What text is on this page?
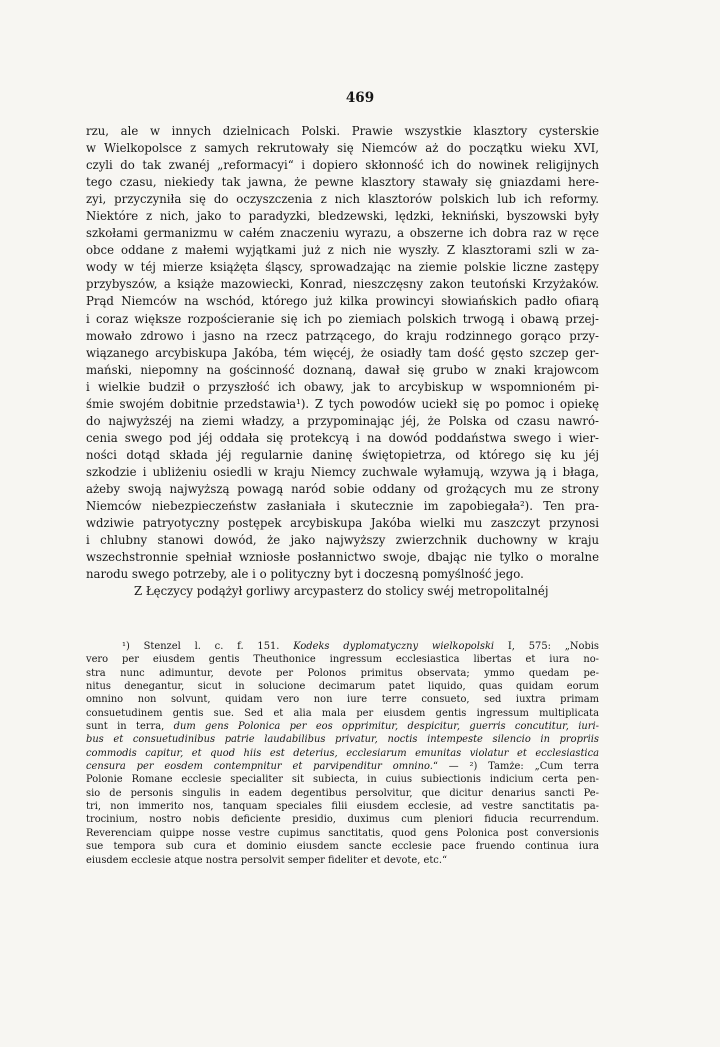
469

rzu, ale w innych dzielnicach Polski. Prawie wszystkie klasztory cysterskie
w Wielkopolsce z samych rekrutowały się Niemców aż do początku wieku XVI,
czyli do tak zwanéj „reformacyi“ i dopiero skłonność ich do nowinek religijnych
tego czasu, niekiedy tak jawna, że pewne klasztory stawały się gniazdami here-
zyi, przyczyniła się do oczyszczenia z nich klasztorów polskich lub ich reformy.
Niektóre z nich, jako to paradyzki, bledzewski, lędzki, łekniński, byszowski były
szkołami germanizmu w całém znaczeniu wyrazu, a obszerne ich dobra raz w ręce
obce oddane z małemi wyjątkami już z nich nie wyszły. Z klasztorami szli w za-
wody w téj mierze książęta śląscy, sprowadzając na ziemie polskie liczne zastępy
przybyszów, a książe mazowiecki, Konrad, nieszczęsny zakon teutoński Krzyżaków.
Prąd Niemców na wschód, którego już kilka prowincyi słowiańskich padło ofiarą
i coraz większe rozpościeranie się ich po ziemiach polskich trwogą i obawą przej-
mowało zdrowo i jasno na rzecz patrzącego, do kraju rodzinnego gorąco przy-
wiązanego arcybiskupa Jakóba, tém więcéj, że osiadły tam dość gęsto szczep ger-
mański, niepomny na gościnność doznaną, dawał się grubo w znaki krajowcom
i wielkie budził o przyszłość ich obawy, jak to arcybiskup w wspomnioném pi-
śmie swojém dobitnie przedstawia¹). Z tych powodów uciekł się po pomoc i opiekę
do najwyższéj na ziemi władzy, a przypominając jéj, że Polska od czasu nawró-
cenia swego pod jéj oddała się protekcyą i na dowód poddaństwa swego i wier-
ności dotąd składa jéj regularnie daninę świętopietrza, od którego się ku jéj
szkodzie i ubliżeniu osiedli w kraju Niemcy zuchwale wyłamują, wzywa ją i błaga,
ażeby swoją najwyższą powagą naród sobie oddany od grożących mu ze strony
Niemców niebezpieczeństw zasłaniała i skutecznie im zapobiegała²). Ten pra-
wdziwie patryotyczny postępek arcybiskupa Jakóba wielki mu zaszczyt przynosi
i chlubny stanowi dowód, że jako najwyższy zwierzchnik duchowny w kraju
wszechstronnie spełniał wzniosłe posłannictwo swoje, dbając nie tylko o moralne
narodu swego potrzeby, ale i o polityczny byt i doczesną pomyślność jego.
Z Łęczycy podążył gorliwy arcypasterz do stolicy swéj metropolitalnéj

¹) Stenzel l. c. f. 151. Kodeks dyplomatyczny wielkopolski I, 575: „Nobis
vero per eiusdem gentis Theuthonice ingressum ecclesiastica libertas et iura no-
stra nunc adimuntur, devote per Polonos primitus observata; ymmo quedam pe-
nitus denegantur, sicut in solucione decimarum patet liquido, quas quidam eorum
omnino non solvunt, quidam vero non iure terre consueto, sed iuxtra primam
consuetudinem gentis sue. Sed et alia mala per eiusdem gentis ingressum multiplicata
sunt in terra, dum gens Polonica per eos opprimitur, despicitur, guerris concutitur, iuri-
bus et consuetudinibus patrie laudabilibus privatur, noctis intempeste silencio in propriis
commodis capitur, et quod hiis est deterius, ecclesiarum emunitas violatur et ecclesiastica
censura per eosdem contempnitur et parvipenditur omnino.“ — ²) Tamże: „Cum terra
Polonie Romane ecclesie specialiter sit subiecta, in cuius subiectionis indicium certa pen-
sio de personis singulis in eadem degentibus persolvitur, que dicitur denarius sancti Pe-
tri, non immerito nos, tanquam speciales filii eiusdem ecclesie, ad vestre sanctitatis pa-
trocinium, nostro nobis deficiente presidio, duximus cum pleniori fiducia recurrendum.
Reverenciam quippe nosse vestre cupimus sanctitatis, quod gens Polonica post conversionis
sue tempora sub cura et dominio eiusdem sancte ecclesie pace fruendo continua iura
eiusdem ecclesie atque nostra persolvit semper fideliter et devote, etc.“
